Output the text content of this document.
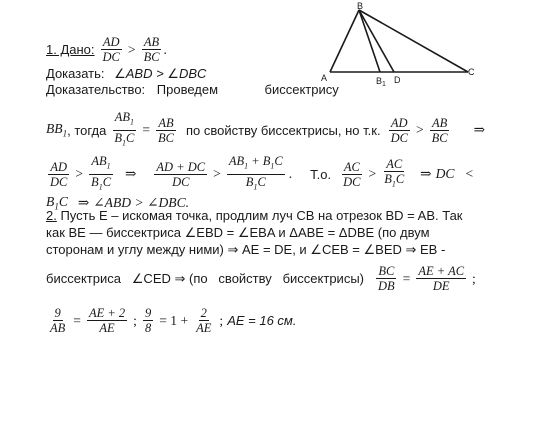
A
B
$B_1$ D
C
1. Дано: $\frac{AD}{DC} > \frac{AB}{BC}$ .
Доказать: ∠ABD > ∠DBC
Доказательство: Проведем    биссектрису
$BB_1$ , тогда $\frac{AB_1}{B_1C} = \frac{AB}{BC}$ по свойству биссектрисы, но т.к. $\frac{AD}{DC} > \frac{AB}{BC}$ ⇒
$\frac{AD}{DC} > \frac{AB_1}{B_1C}$ ⇒ $\frac{AD + DC}{DC} > \frac{AB_1 + B_1C}{B_1C}$ . Т.о. $\frac{AC}{DC} > \frac{AC}{B_1C}$ ⇒ DC   <
$B_1C$ ⇒ ∠ABD > ∠DBC.
2. Пусть E – искомая точка, продлим луч CB на отрезок BD = AB. Так
как BE — биссектриса ∠EBD = ∠EBA и ΔABE = ΔDBE (по двум
сторонам и углу между ними) ⇒ AE = DE, и ∠CEB = ∠BED ⇒ EB -
биссектриса   ∠CED ⇒ (по   свойству   биссектрисы) $\frac{BC}{DB} = \frac{AE + AC}{DE}$ ;
$\frac{9}{AB} = \frac{AE + 2}{AE}$ ; $\frac{9}{8} = 1 + \frac{2}{AE}$ ; AE = 16 см.
